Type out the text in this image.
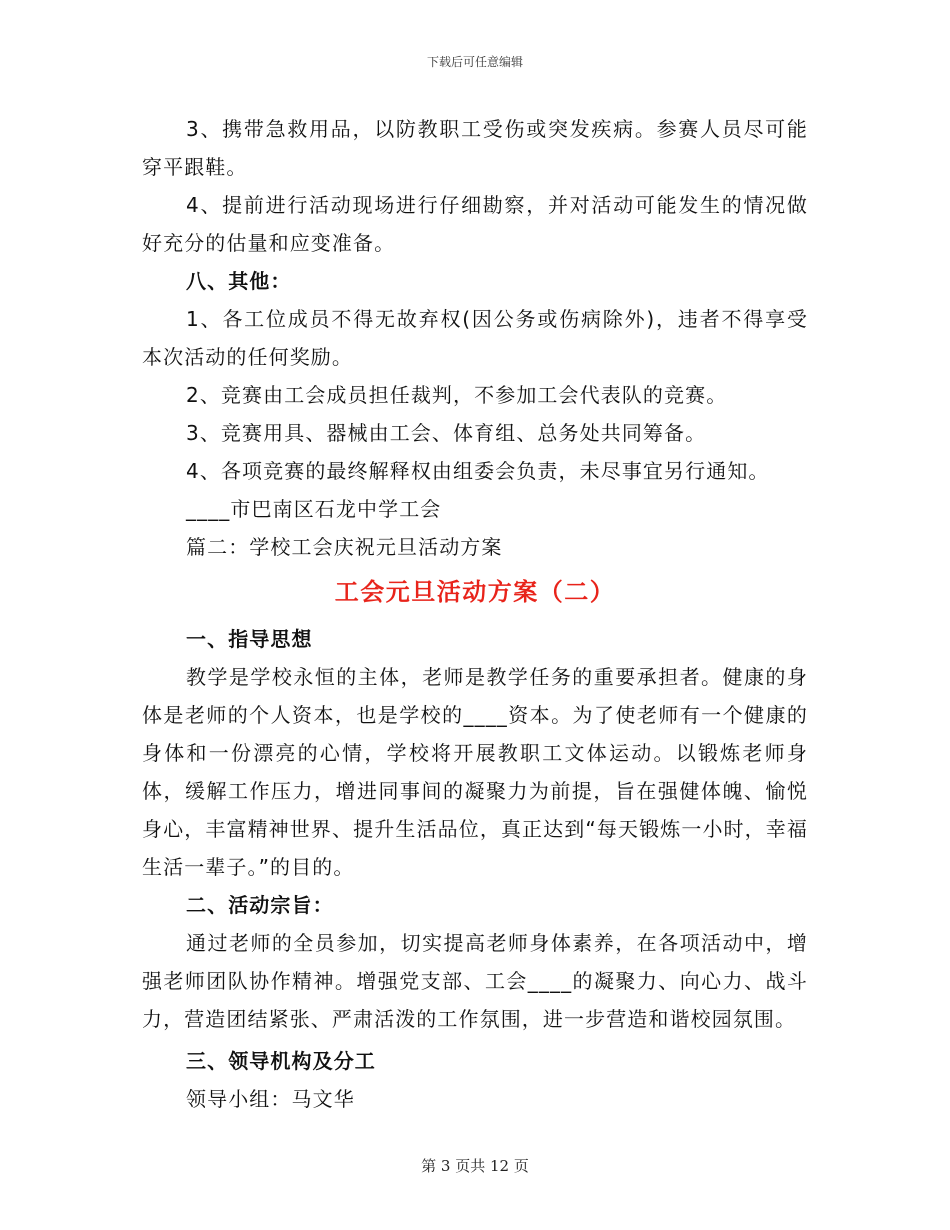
下载后可任意编辑

3、携带急救用品，以防教职工受伤或突发疾病。参赛人员尽可能穿平跟鞋。

4、提前进行活动现场进行仔细勘察，并对活动可能发生的情况做好充分的估量和应变准备。

八、其他：

1、各工位成员不得无故弃权(因公务或伤病除外)，违者不得享受本次活动的任何奖励。

2、竞赛由工会成员担任裁判，不参加工会代表队的竞赛。

3、竞赛用具、器械由工会、体育组、总务处共同筹备。

4、各项竞赛的最终解释权由组委会负责，未尽事宜另行通知。

____市巴南区石龙中学工会

篇二：学校工会庆祝元旦活动方案

工会元旦活动方案（二）

一、指导思想

教学是学校永恒的主体，老师是教学任务的重要承担者。健康的身体是老师的个人资本，也是学校的____资本。为了使老师有一个健康的身体和一份漂亮的心情，学校将开展教职工文体运动。以锻炼老师身体，缓解工作压力，增进同事间的凝聚力为前提，旨在强健体魄、愉悦身心，丰富精神世界、提升生活品位，真正达到“每天锻炼一小时，幸福生活一辈子。”的目的。

二、活动宗旨：

通过老师的全员参加，切实提高老师身体素养，在各项活动中，增强老师团队协作精神。增强党支部、工会____的凝聚力、向心力、战斗力，营造团结紧张、严肃活泼的工作氛围，进一步营造和谐校园氛围。

三、领导机构及分工

领导小组：马文华

第 3 页共 12 页
